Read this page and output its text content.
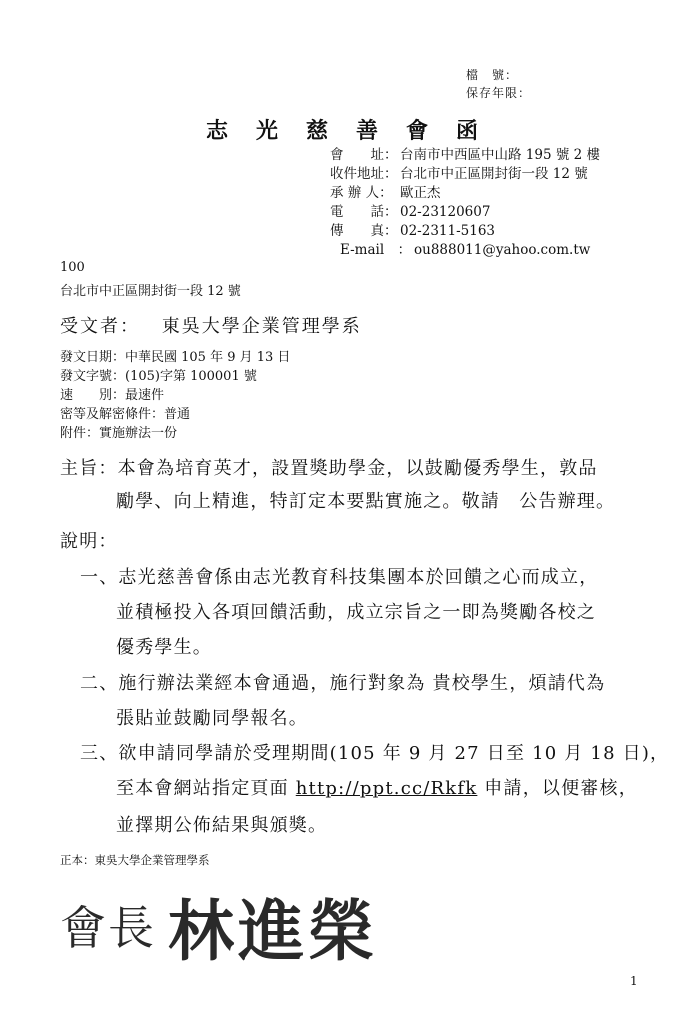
檔　號：
保存年限：
志光慈善會函
會　　址： 台南市中西區中山路 195 號 2 樓
收件地址： 台北市中正區開封街一段 12 號
承 辦 人： 歐正杰
電　　話： 02-23120607
傳　　真： 02-2311-5163
E-mail　： ou888011@yahoo.com.tw
100
台北市中正區開封街一段 12 號
受文者： 東吳大學企業管理學系
發文日期：中華民國 105 年 9 月 13 日
發文字號：(105)字第 100001 號
速　　別：最速件
密等及解密條件：普通
附件：實施辦法一份
主旨：本會為培育英才，設置獎助學金，以鼓勵優秀學生，敦品
勵學、向上精進，特訂定本要點實施之。敬請　公告辦理。
說明：
一、志光慈善會係由志光教育科技集團本於回饋之心而成立，
並積極投入各項回饋活動，成立宗旨之一即為獎勵各校之
優秀學生。
二、施行辦法業經本會通過，施行對象為 貴校學生，煩請代為
張貼並鼓勵同學報名。
三、欲申請同學請於受理期間(105 年 9 月 27 日至 10 月 18 日)，
至本會網站指定頁面 http://ppt.cc/Rkfk 申請，以便審核，
並擇期公佈結果與頒獎。
正本：東吳大學企業管理學系
會長 林進榮
1
